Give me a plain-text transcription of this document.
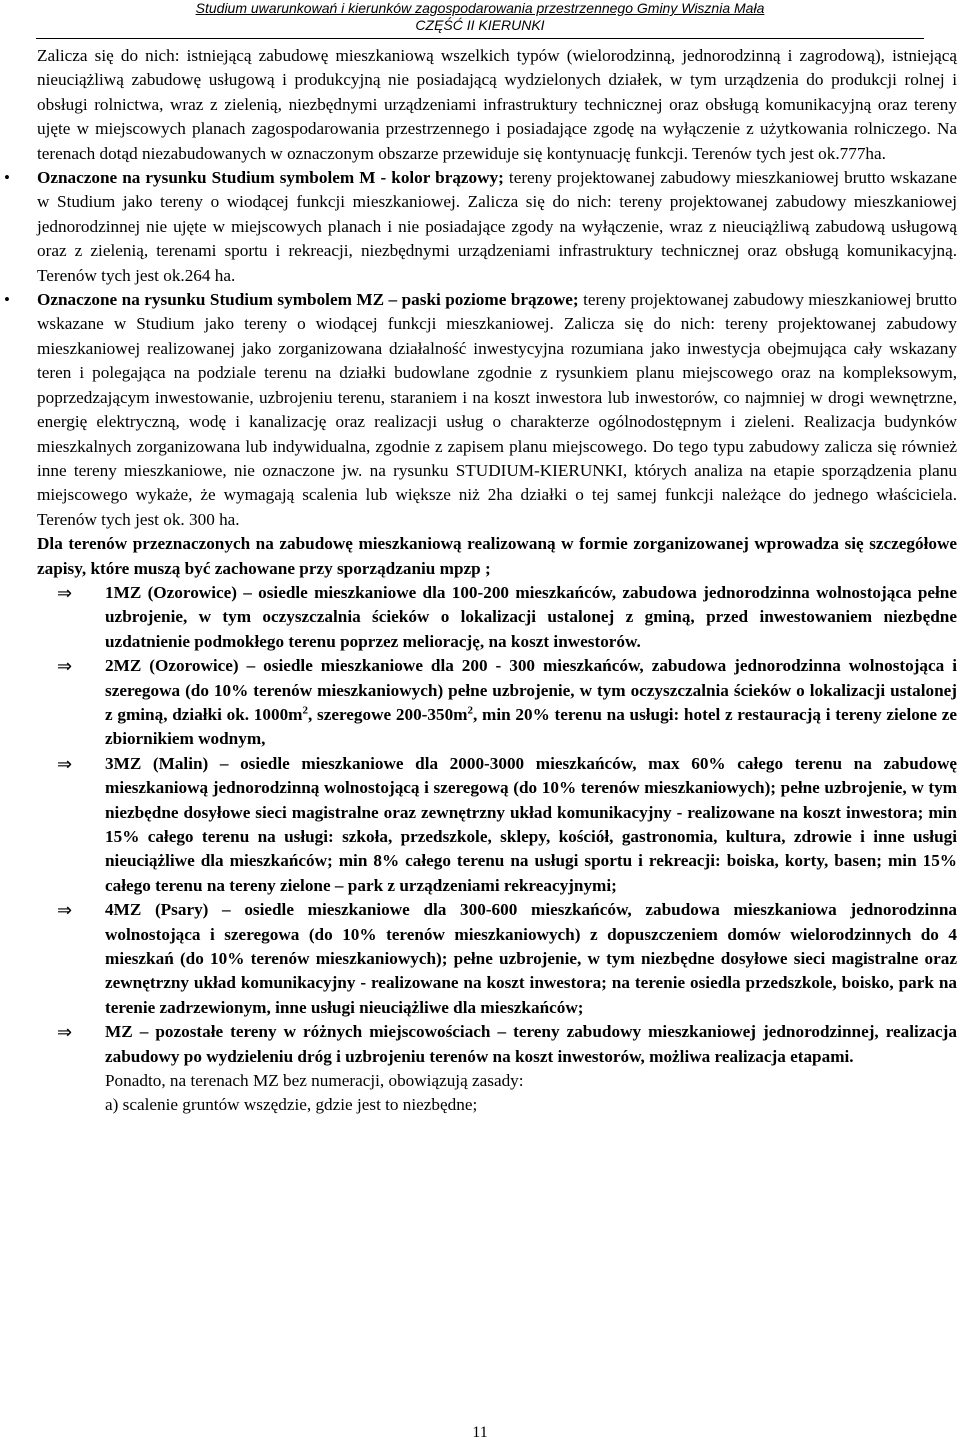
Studium uwarunkowań i kierunków zagospodarowania przestrzennego Gminy Wisznia Mała
CZĘŚĆ II KIERUNKI

Zalicza się do nich: istniejącą zabudowę mieszkaniową wszelkich typów (wielorodzinną, jednorodzinną i zagrodową), istniejącą nieuciążliwą zabudowę usługową i produkcyjną nie posiadającą wydzielonych działek, w tym urządzenia do produkcji rolnej i obsługi rolnictwa, wraz z zielenią, niezbędnymi urządzeniami infrastruktury technicznej oraz obsługą komunikacyjną oraz tereny ujęte w miejscowych planach zagospodarowania przestrzennego i posiadające zgodę na wyłączenie z użytkowania rolniczego. Na terenach dotąd niezabudowanych w oznaczonym obszarze przewiduje się kontynuację funkcji. Terenów tych jest ok.777ha.

• Oznaczone na rysunku Studium symbolem M - kolor brązowy; tereny projektowanej zabudowy mieszkaniowej brutto wskazane w Studium jako tereny o wiodącej funkcji mieszkaniowej. Zalicza się do nich: tereny projektowanej zabudowy mieszkaniowej jednorodzinnej nie ujęte w miejscowych planach i nie posiadające zgody na wyłączenie, wraz z nieuciążliwą zabudową usługową oraz z zielenią, terenami sportu i rekreacji, niezbędnymi urządzeniami infrastruktury technicznej oraz obsługą komunikacyjną. Terenów tych jest ok.264 ha.

• Oznaczone na rysunku Studium symbolem MZ – paski poziome brązowe; tereny projektowanej zabudowy mieszkaniowej brutto wskazane w Studium jako tereny o wiodącej funkcji mieszkaniowej. Zalicza się do nich: tereny projektowanej zabudowy mieszkaniowej realizowanej jako zorganizowana działalność inwestycyjna rozumiana jako inwestycja obejmująca cały wskazany teren i polegająca na podziale terenu na działki budowlane zgodnie z rysunkiem planu miejscowego oraz na kompleksowym, poprzedzającym inwestowanie, uzbrojeniu terenu, staraniem i na koszt inwestora lub inwestorów, co najmniej w drogi wewnętrzne, energię elektryczną, wodę i kanalizację oraz realizacji usług o charakterze ogólnodostępnym i zieleni. Realizacja budynków mieszkalnych zorganizowana lub indywidualna, zgodnie z zapisem planu miejscowego. Do tego typu zabudowy zalicza się również inne tereny mieszkaniowe, nie oznaczone jw. na rysunku STUDIUM-KIERUNKI, których analiza na etapie sporządzenia planu miejscowego wykaże, że wymagają scalenia lub większe niż 2ha działki o tej samej funkcji należące do jednego właściciela. Terenów tych jest ok. 300 ha.

Dla terenów przeznaczonych na zabudowę mieszkaniową realizowaną w formie zorganizowanej wprowadza się szczegółowe zapisy, które muszą być zachowane przy sporządzaniu mpzp ;

⇒ 1MZ (Ozorowice) – osiedle mieszkaniowe dla 100-200 mieszkańców, zabudowa jednorodzinna wolnostojąca pełne uzbrojenie, w tym oczyszczalnia ścieków o lokalizacji ustalonej z gminą, przed inwestowaniem niezbędne uzdatnienie podmokłego terenu poprzez meliorację, na koszt inwestorów.

⇒ 2MZ (Ozorowice) – osiedle mieszkaniowe dla 200 - 300 mieszkańców, zabudowa jednorodzinna wolnostojąca i szeregowa (do 10% terenów mieszkaniowych) pełne uzbrojenie, w tym oczyszczalnia ścieków o lokalizacji ustalonej z gminą, działki ok. $1000m^2$, szeregowe $200-350m^2$, min 20% terenu na usługi: hotel z restauracją i tereny zielone ze zbiornikiem wodnym,

⇒ 3MZ (Malin) – osiedle mieszkaniowe dla 2000-3000 mieszkańców, max 60% całego terenu na zabudowę mieszkaniową jednorodzinną wolnostojącą i szeregową (do 10% terenów mieszkaniowych); pełne uzbrojenie, w tym niezbędne dosyłowe sieci magistralne oraz zewnętrzny układ komunikacyjny - realizowane na koszt inwestora; min 15% całego terenu na usługi: szkoła, przedszkole, sklepy, kościół, gastronomia, kultura, zdrowie i inne usługi nieuciążliwe dla mieszkańców; min 8% całego terenu na usługi sportu i rekreacji: boiska, korty, basen; min 15% całego terenu na tereny zielone – park z urządzeniami rekreacyjnymi;

⇒ 4MZ (Psary) – osiedle mieszkaniowe dla 300-600 mieszkańców, zabudowa mieszkaniowa jednorodzinna wolnostojąca i szeregowa (do 10% terenów mieszkaniowych) z dopuszczeniem domów wielorodzinnych do 4 mieszkań (do 10% terenów mieszkaniowych); pełne uzbrojenie, w tym niezbędne dosyłowe sieci magistralne oraz zewnętrzny układ komunikacyjny - realizowane na koszt inwestora; na terenie osiedla przedszkole, boisko, park na terenie zadrzewionym, inne usługi nieuciążliwe dla mieszkańców;

⇒ MZ – pozostałe tereny w różnych miejscowościach – tereny zabudowy mieszkaniowej jednorodzinnej, realizacja zabudowy po wydzieleniu dróg i uzbrojeniu terenów na koszt inwestorów, możliwa realizacja etapami.

Ponadto, na terenach MZ bez numeracji, obowiązują zasady:

a) scalenie gruntów wszędzie, gdzie jest to niezbędne;

11
